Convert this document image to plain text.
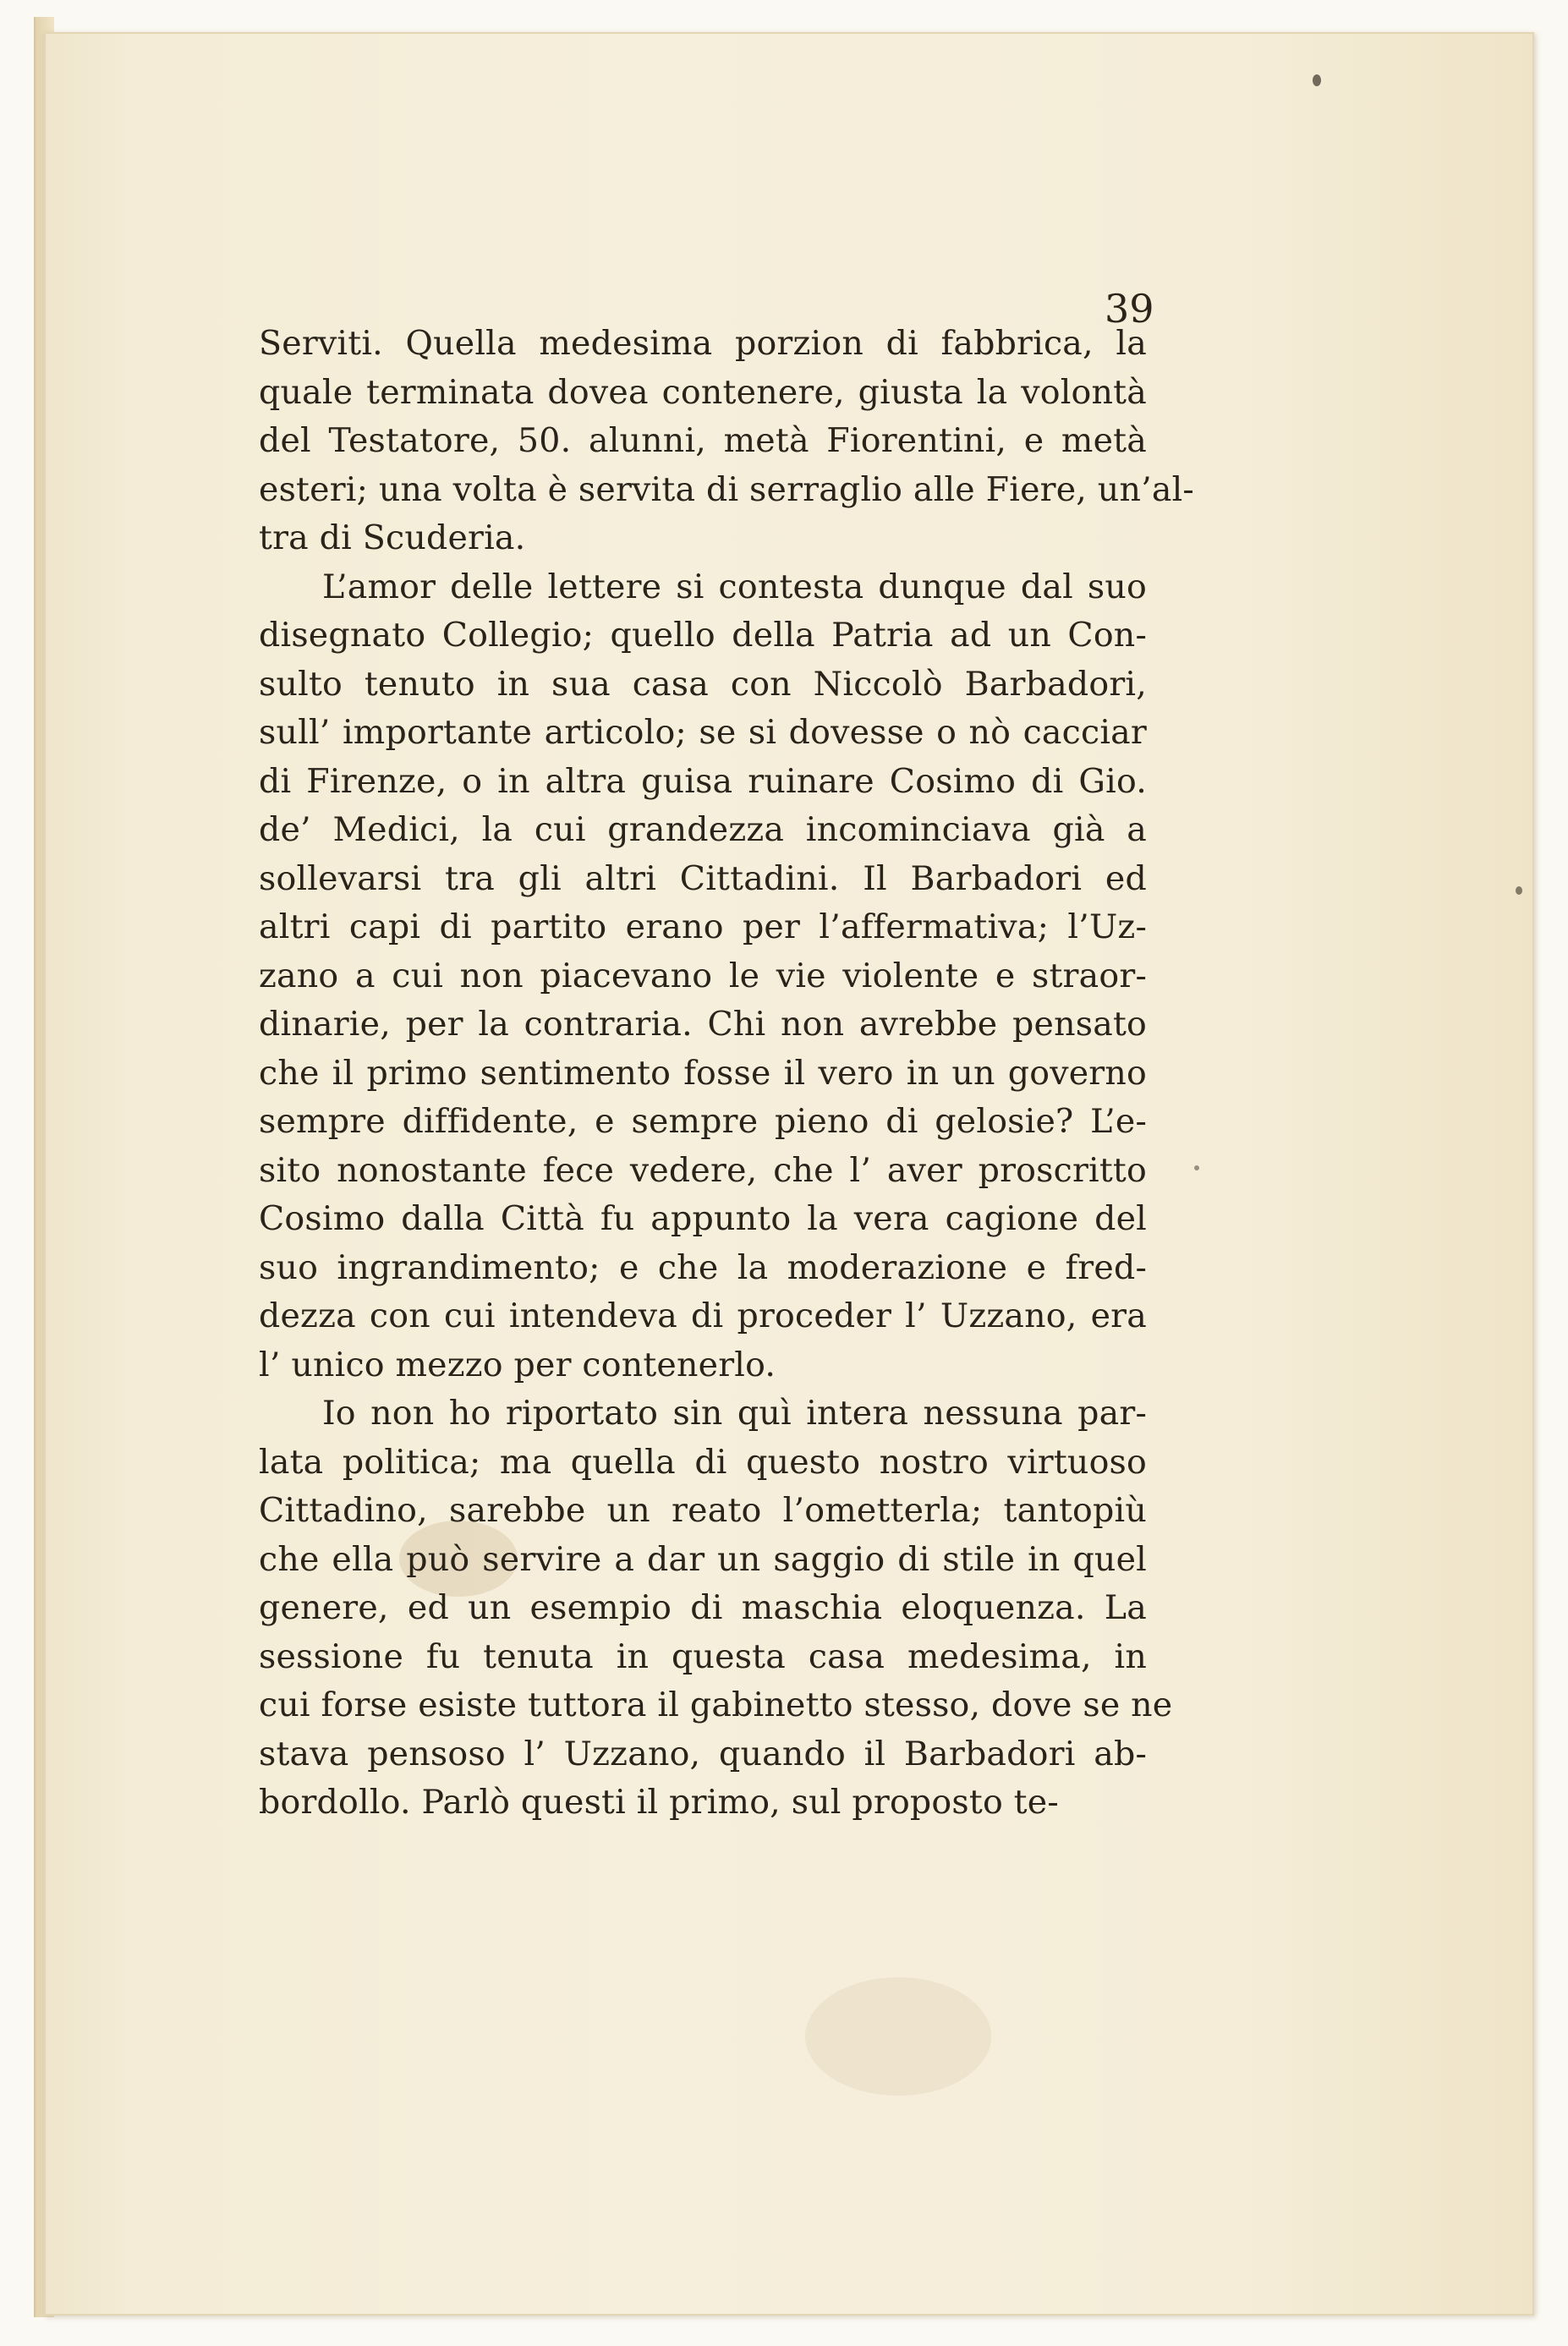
39
Serviti. Quella medesima porzion di fabbrica, la
quale terminata dovea contenere, giusta la volontà
del Testatore, 50. alunni, metà Fiorentini, e metà
esteri; una volta è servita di serraglio alle Fiere, un’al-
tra di Scuderia.
L’amor delle lettere si contesta dunque dal suo
disegnato Collegio; quello della Patria ad un Con-
sulto tenuto in sua casa con Niccolò Barbadori,
sull’ importante articolo; se si dovesse o nò cacciar
di Firenze, o in altra guisa ruinare Cosimo di Gio.
de’ Medici, la cui grandezza incominciava già a
sollevarsi tra gli altri Cittadini. Il Barbadori ed
altri capi di partito erano per l’affermativa; l’Uz-
zano a cui non piacevano le vie violente e straor-
dinarie, per la contraria. Chi non avrebbe pensato
che il primo sentimento fosse il vero in un governo
sempre diffidente, e sempre pieno di gelosie? L’e-
sito nonostante fece vedere, che l’ aver proscritto
Cosimo dalla Città fu appunto la vera cagione del
suo ingrandimento; e che la moderazione e fred-
dezza con cui intendeva di proceder l’ Uzzano, era
l’ unico mezzo per contenerlo.
Io non ho riportato sin quì intera nessuna par-
lata politica; ma quella di questo nostro virtuoso
Cittadino, sarebbe un reato l’ometterla; tantopiù
che ella può servire a dar un saggio di stile in quel
genere, ed un esempio di maschia eloquenza. La
sessione fu tenuta in questa casa medesima, in
cui forse esiste tuttora il gabinetto stesso, dove se ne
stava pensoso l’ Uzzano, quando il Barbadori ab-
bordollo. Parlò questi il primo, sul proposto te-
